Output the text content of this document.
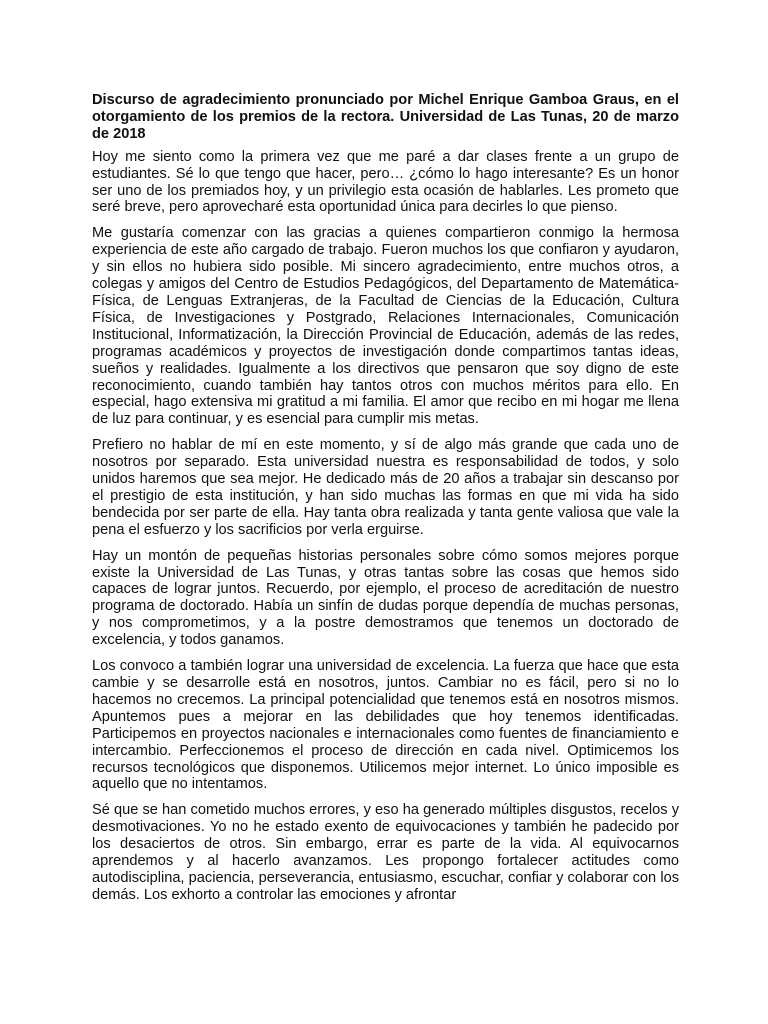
Discurso de agradecimiento pronunciado por Michel Enrique Gamboa Graus, en el otorgamiento de los premios de la rectora. Universidad de Las Tunas, 20 de marzo de 2018
Hoy me siento como la primera vez que me paré a dar clases frente a un grupo de estudiantes. Sé lo que tengo que hacer, pero… ¿cómo lo hago interesante? Es un honor ser uno de los premiados hoy, y un privilegio esta ocasión de hablarles. Les prometo que seré breve, pero aprovecharé esta oportunidad única para decirles lo que pienso.
Me gustaría comenzar con las gracias a quienes compartieron conmigo la hermosa experiencia de este año cargado de trabajo. Fueron muchos los que confiaron y ayudaron, y sin ellos no hubiera sido posible. Mi sincero agradecimiento, entre muchos otros, a colegas y amigos del Centro de Estudios Pedagógicos, del Departamento de Matemática-Física, de Lenguas Extranjeras, de la Facultad de Ciencias de la Educación, Cultura Física, de Investigaciones y Postgrado, Relaciones Internacionales, Comunicación Institucional, Informatización, la Dirección Provincial de Educación, además de las redes, programas académicos y proyectos de investigación donde compartimos tantas ideas, sueños y realidades. Igualmente a los directivos que pensaron que soy digno de este reconocimiento, cuando también hay tantos otros con muchos méritos para ello. En especial, hago extensiva mi gratitud a mi familia. El amor que recibo en mi hogar me llena de luz para continuar, y es esencial para cumplir mis metas.
Prefiero no hablar de mí en este momento, y sí de algo más grande que cada uno de nosotros por separado. Esta universidad nuestra es responsabilidad de todos, y solo unidos haremos que sea mejor. He dedicado más de 20 años a trabajar sin descanso por el prestigio de esta institución, y han sido muchas las formas en que mi vida ha sido bendecida por ser parte de ella. Hay tanta obra realizada y tanta gente valiosa que vale la pena el esfuerzo y los sacrificios por verla erguirse.
Hay un montón de pequeñas historias personales sobre cómo somos mejores porque existe la Universidad de Las Tunas, y otras tantas sobre las cosas que hemos sido capaces de lograr juntos. Recuerdo, por ejemplo, el proceso de acreditación de nuestro programa de doctorado. Había un sinfín de dudas porque dependía de muchas personas, y nos comprometimos, y a la postre demostramos que tenemos un doctorado de excelencia, y todos ganamos.
Los convoco a también lograr una universidad de excelencia. La fuerza que hace que esta cambie y se desarrolle está en nosotros, juntos. Cambiar no es fácil, pero si no lo hacemos no crecemos. La principal potencialidad que tenemos está en nosotros mismos. Apuntemos pues a mejorar en las debilidades que hoy tenemos identificadas. Participemos en proyectos nacionales e internacionales como fuentes de financiamiento e intercambio. Perfeccionemos el proceso de dirección en cada nivel. Optimicemos los recursos tecnológicos que disponemos. Utilicemos mejor internet. Lo único imposible es aquello que no intentamos.
Sé que se han cometido muchos errores, y eso ha generado múltiples disgustos, recelos y desmotivaciones. Yo no he estado exento de equivocaciones y también he padecido por los desaciertos de otros. Sin embargo, errar es parte de la vida. Al equivocarnos aprendemos y al hacerlo avanzamos. Les propongo fortalecer actitudes como autodisciplina, paciencia, perseverancia, entusiasmo, escuchar, confiar y colaborar con los demás. Los exhorto a controlar las emociones y afrontar
